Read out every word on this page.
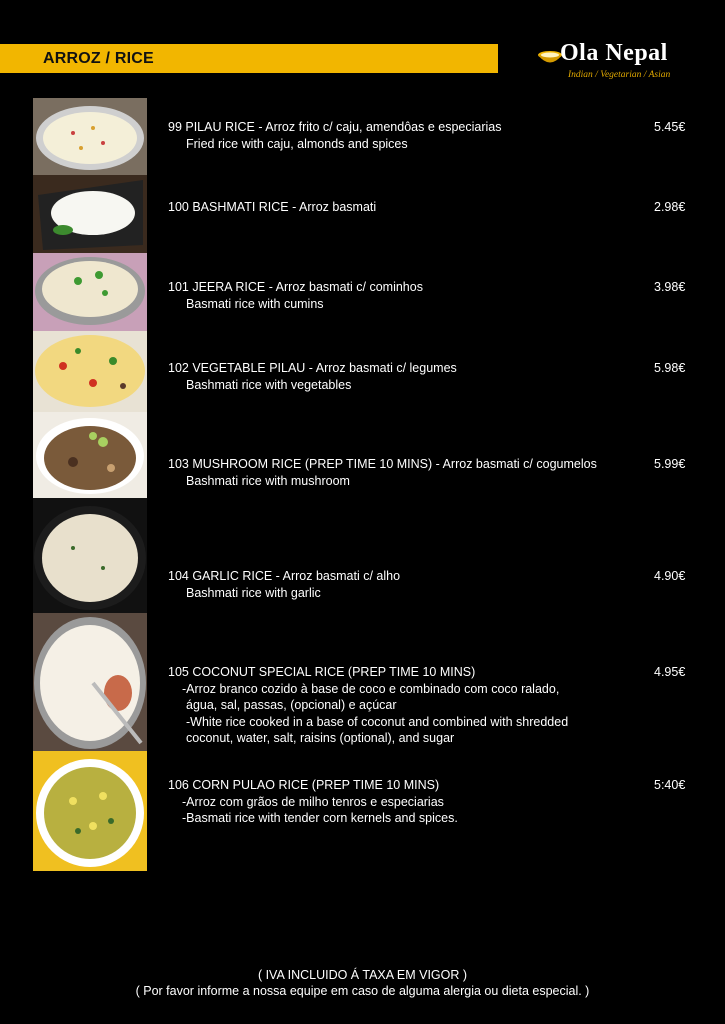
ARROZ / RICE	Ola Nepal
Indian / Vegetarian / Asian
99 PILAU RICE - Arroz frito c/ caju, amendôas e especiarias
Fried rice with caju, almonds and spices
5.45€
100 BASHMATI RICE - Arroz basmati	2.98€
101 JEERA RICE - Arroz basmati c/ cominhos
Basmati rice with cumins
3.98€
102 VEGETABLE PILAU - Arroz basmati c/ legumes
Bashmati rice with vegetables
5.98€
103 MUSHROOM RICE (PREP TIME 10 MINS) - Arroz basmati c/ cogumelos
Bashmati rice with mushroom
5.99€
104 GARLIC RICE - Arroz basmati c/ alho
Bashmati rice with garlic
4.90€
105 COCONUT SPECIAL RICE (PREP TIME 10 MINS)
-Arroz branco cozido à base de coco e combinado com coco ralado,
água, sal, passas, (opcional) e açúcar
-White rice cooked in a base of coconut and combined with shredded
coconut, water, salt, raisins (optional), and sugar
4.95€
106 CORN PULAO RICE (PREP TIME 10 MINS)
-Arroz com grãos de milho tenros e especiarias
-Basmati rice with tender corn kernels and spices.
5:40€
( IVA INCLUIDO Á TAXA EM VIGOR )
( Por favor informe a nossa equipe em caso de alguma alergia ou dieta especial. )
